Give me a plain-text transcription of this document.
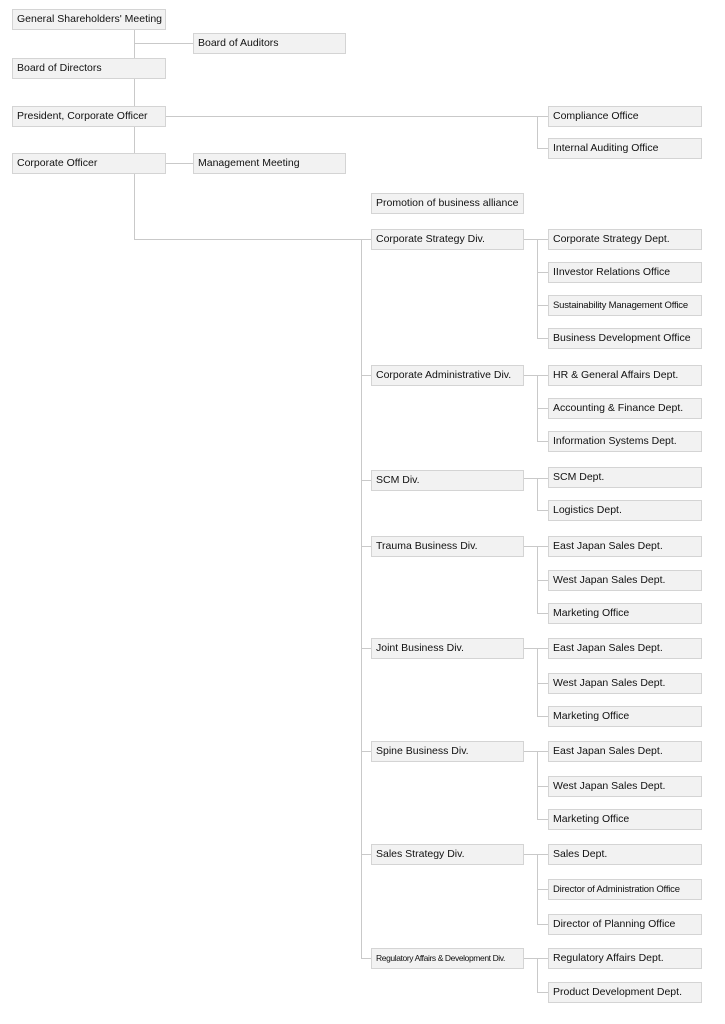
General Shareholders' Meeting
Board of Auditors
Board of Directors
President, Corporate Officer
Corporate Officer	Management Meeting
Compliance Office
Internal Auditing Office
Promotion of business alliance
Corporate Strategy Div.
Corporate Administrative Div.
SCM Div.
Trauma Business Div.
Joint Business Div.
Spine Business Div.
Sales Strategy Div.
Regulatory Affairs & Development Div.
Corporate Strategy Dept.
IInvestor Relations Office
Sustainability Management Office
Business Development Office
HR & General Affairs Dept.
Accounting & Finance Dept.
Information Systems Dept.
SCM Dept.
Logistics Dept.
East Japan Sales Dept.
West Japan Sales Dept.
Marketing Office
East Japan Sales Dept.
West Japan Sales Dept.
Marketing Office
East Japan Sales Dept.
West Japan Sales Dept.
Marketing Office
Sales Dept.
Director of Administration Office
Director of Planning Office
Regulatory Affairs Dept.
Product Development Dept.
